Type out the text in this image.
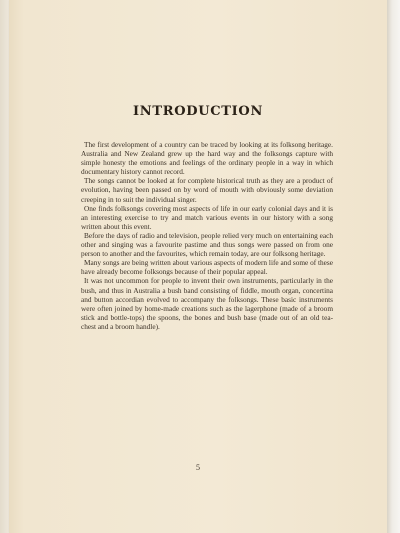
INTRODUCTION

The first development of a country can be traced by looking at its folksong heritage. Australia and New Zealand grew up the hard way and the folksongs capture with simple honesty the emotions and feelings of the ordinary people in a way in which documentary history cannot record.

The songs cannot be looked at for complete historical truth as they are a product of evolution, having been passed on by word of mouth with obviously some deviation creeping in to suit the individual singer.

One finds folksongs covering most aspects of life in our early colonial days and it is an interesting exercise to try and match various events in our history with a song written about this event.

Before the days of radio and television, people relied very much on entertaining each other and singing was a favourite pastime and thus songs were passed on from one person to another and the favourites, which remain today, are our folksong heritage.

Many songs are being written about various aspects of modern life and some of these have already become folksongs because of their popular appeal.

It was not uncommon for people to invent their own instruments, particularly in the bush, and thus in Australia a bush band consisting of fiddle, mouth organ, concertina and button accordian evolved to accompany the folksongs. These basic instruments were often joined by home-made creations such as the lagerphone (made of a broom stick and bottle-tops) the spoons, the bones and bush base (made out of an old tea-chest and a broom handle).

5
